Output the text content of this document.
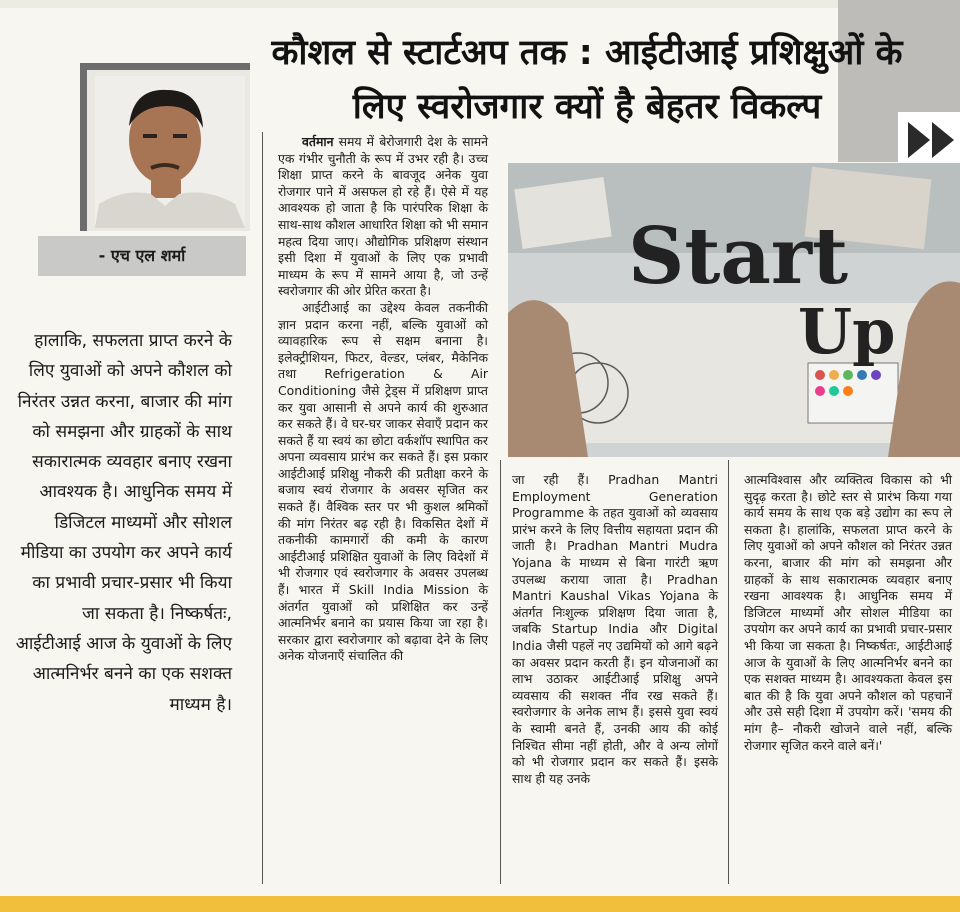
कौशल से स्टार्टअप तक : आईटीआई प्रशिक्षुओं के लिए स्वरोजगार क्यों है बेहतर विकल्प
- एच एल शर्मा

हालाकि, सफलता प्राप्त करने के लिए युवाओं को अपने कौशल को निरंतर उन्नत करना, बाजार की मांग को समझना और ग्राहकों के साथ सकारात्मक व्यवहार बनाए रखना आवश्यक है। आधुनिक समय में डिजिटल माध्यमों और सोशल मीडिया का उपयोग कर अपने कार्य का प्रभावी प्रचार-प्रसार भी किया जा सकता है। निष्कर्षतः, आईटीआई आज के युवाओं के लिए आत्मनिर्भर बनने का एक सशक्त माध्यम है।

वर्तमान समय में बेरोजगारी देश के सामने एक गंभीर चुनौती के रूप में उभर रही है। उच्च शिक्षा प्राप्त करने के बावजूद अनेक युवा रोजगार पाने में असफल हो रहे हैं। ऐसे में यह आवश्यक हो जाता है कि पारंपरिक शिक्षा के साथ-साथ कौशल आधारित शिक्षा को भी समान महत्व दिया जाए। औद्योगिक प्रशिक्षण संस्थान इसी दिशा में युवाओं के लिए एक प्रभावी माध्यम के रूप में सामने आया है, जो उन्हें स्वरोजगार की ओर प्रेरित करता है।

आईटीआई का उद्देश्य केवल तकनीकी ज्ञान प्रदान करना नहीं, बल्कि युवाओं को व्यावहारिक रूप से सक्षम बनाना है। इलेक्ट्रीशियन, फिटर, वेल्डर, प्लंबर, मैकेनिक तथा Refrigeration & Air Conditioning जैसे ट्रेड्स में प्रशिक्षण प्राप्त कर युवा आसानी से अपने कार्य की शुरुआत कर सकते हैं। वे घर-घर जाकर सेवाएँ प्रदान कर सकते हैं या स्वयं का छोटा वर्कशॉप स्थापित कर अपना व्यवसाय प्रारंभ कर सकते हैं। इस प्रकार आईटीआई प्रशिक्षु नौकरी की प्रतीक्षा करने के बजाय स्वयं रोजगार के अवसर सृजित कर सकते हैं। वैश्विक स्तर पर भी कुशल श्रमिकों की मांग निरंतर बढ़ रही है। विकसित देशों में तकनीकी कामगारों की कमी के कारण आईटीआई प्रशिक्षित युवाओं के लिए विदेशों में भी रोजगार एवं स्वरोजगार के अवसर उपलब्ध हैं। भारत में Skill India Mission के अंतर्गत युवाओं को प्रशिक्षित कर उन्हें आत्मनिर्भर बनाने का प्रयास किया जा रहा है। सरकार द्वारा स्वरोजगार को बढ़ावा देने के लिए अनेक योजनाएँ संचालित की

Start
Up

जा रही हैं। Pradhan Mantri Employment Generation Programme के तहत युवाओं को व्यवसाय प्रारंभ करने के लिए वित्तीय सहायता प्रदान की जाती है। Pradhan Mantri Mudra Yojana के माध्यम से बिना गारंटी ऋण उपलब्ध कराया जाता है। Pradhan Mantri Kaushal Vikas Yojana के अंतर्गत निःशुल्क प्रशिक्षण दिया जाता है, जबकि Startup India और Digital India जैसी पहलें नए उद्यमियों को आगे बढ़ने का अवसर प्रदान करती हैं। इन योजनाओं का लाभ उठाकर आईटीआई प्रशिक्षु अपने व्यवसाय की सशक्त नींव रख सकते हैं। स्वरोजगार के अनेक लाभ हैं। इससे युवा स्वयं के स्वामी बनते हैं, उनकी आय की कोई निश्चित सीमा नहीं होती, और वे अन्य लोगों को भी रोजगार प्रदान कर सकते हैं। इसके साथ ही यह उनके

आत्मविश्वास और व्यक्तित्व विकास को भी सुदृढ़ करता है। छोटे स्तर से प्रारंभ किया गया कार्य समय के साथ एक बड़े उद्योग का रूप ले सकता है। हालांकि, सफलता प्राप्त करने के लिए युवाओं को अपने कौशल को निरंतर उन्नत करना, बाजार की मांग को समझना और ग्राहकों के साथ सकारात्मक व्यवहार बनाए रखना आवश्यक है। आधुनिक समय में डिजिटल माध्यमों और सोशल मीडिया का उपयोग कर अपने कार्य का प्रभावी प्रचार-प्रसार भी किया जा सकता है। निष्कर्षतः, आईटीआई आज के युवाओं के लिए आत्मनिर्भर बनने का एक सशक्त माध्यम है। आवश्यकता केवल इस बात की है कि युवा अपने कौशल को पहचानें और उसे सही दिशा में उपयोग करें। 'समय की मांग है– नौकरी खोजने वाले नहीं, बल्कि रोजगार सृजित करने वाले बनें।'
